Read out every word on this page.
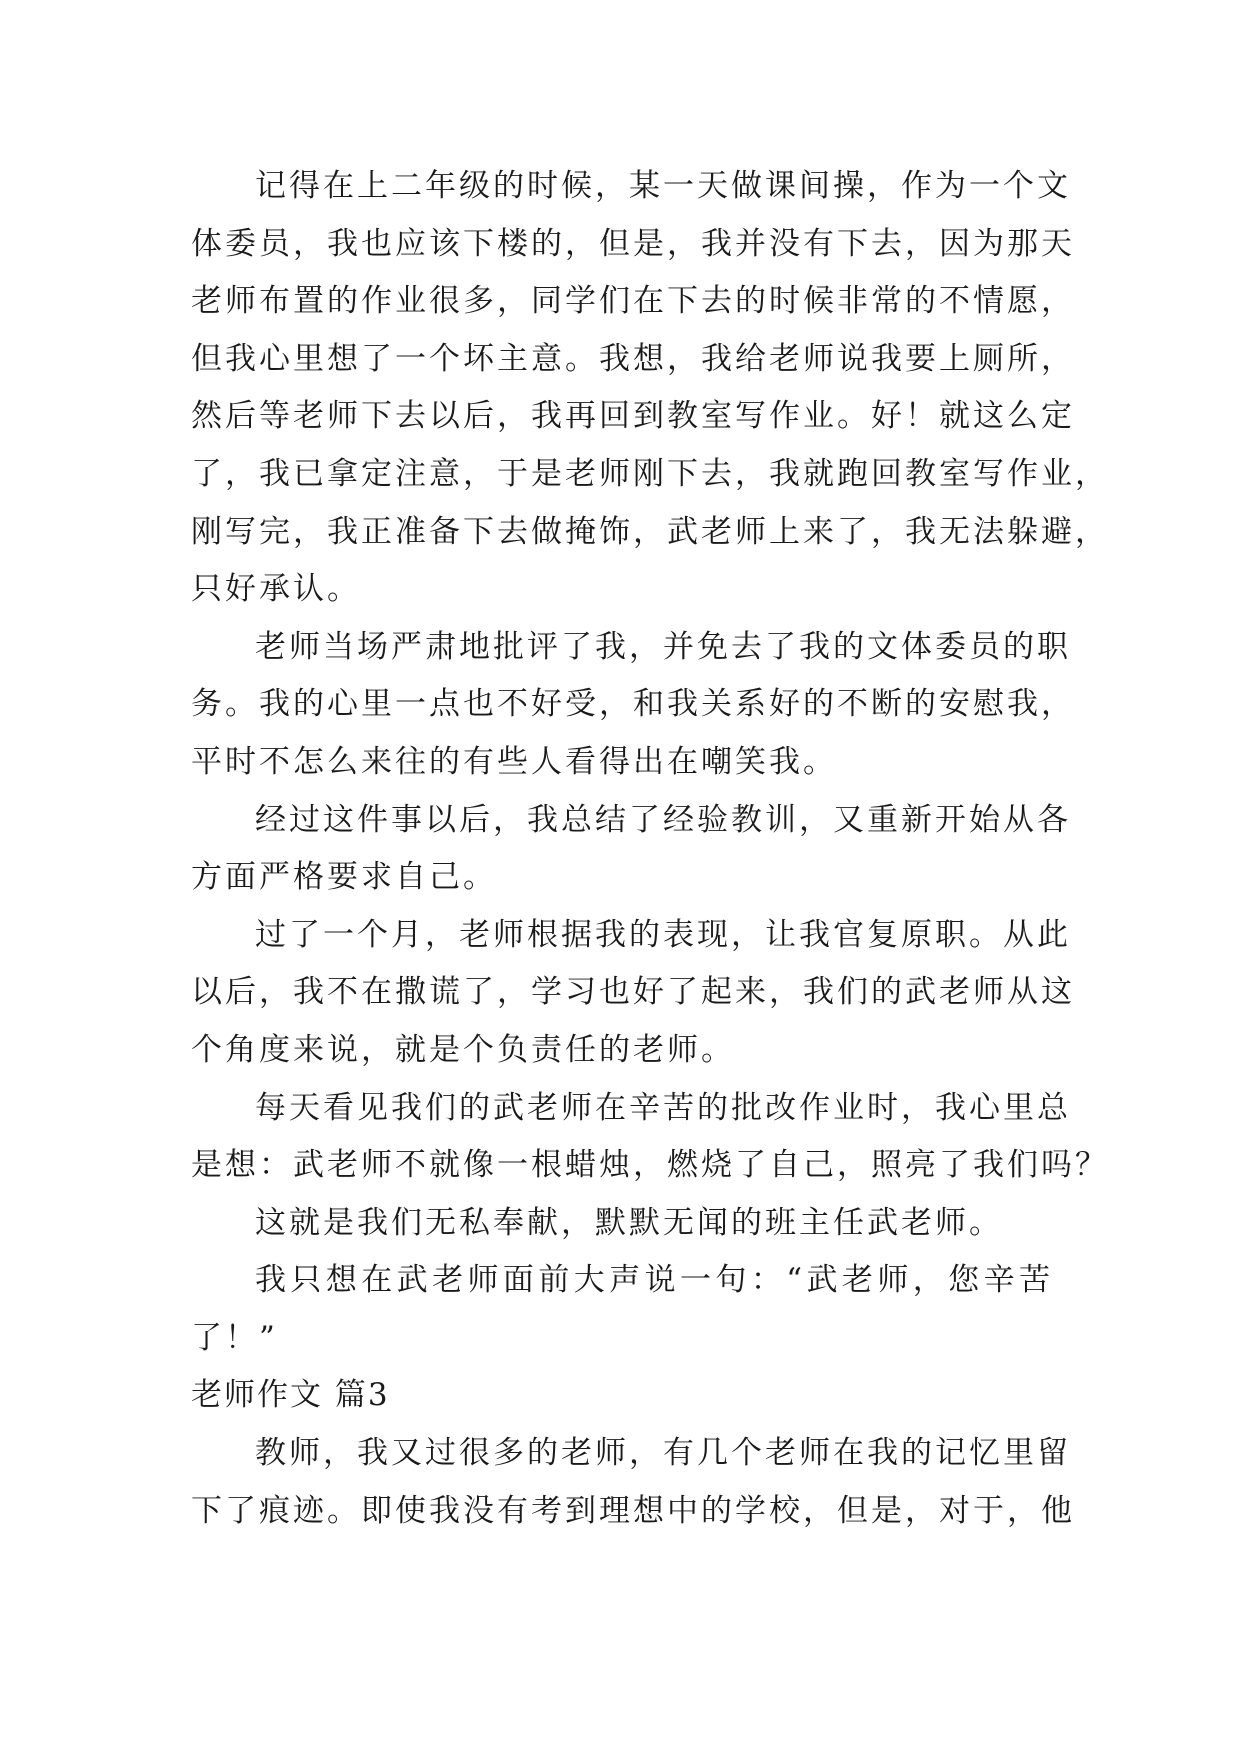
记得在上二年级的时候，某一天做课间操，作为一个文
体委员，我也应该下楼的，但是，我并没有下去，因为那天
老师布置的作业很多，同学们在下去的时候非常的不情愿，
但我心里想了一个坏主意。我想，我给老师说我要上厕所，
然后等老师下去以后，我再回到教室写作业。好！就这么定
了，我已拿定注意，于是老师刚下去，我就跑回教室写作业，
刚写完，我正准备下去做掩饰，武老师上来了，我无法躲避，
只好承认。
老师当场严肃地批评了我，并免去了我的文体委员的职
务。我的心里一点也不好受，和我关系好的不断的安慰我，
平时不怎么来往的有些人看得出在嘲笑我。
经过这件事以后，我总结了经验教训，又重新开始从各
方面严格要求自己。
过了一个月，老师根据我的表现，让我官复原职。从此
以后，我不在撒谎了，学习也好了起来，我们的武老师从这
个角度来说，就是个负责任的老师。
每天看见我们的武老师在辛苦的批改作业时，我心里总
是想：武老师不就像一根蜡烛，燃烧了自己，照亮了我们吗？
这就是我们无私奉献，默默无闻的班主任武老师。
我只想在武老师面前大声说一句：“武老师，您辛苦
了！”
老师作文 篇3
教师，我又过很多的老师，有几个老师在我的记忆里留
下了痕迹。即使我没有考到理想中的学校，但是，对于，他
